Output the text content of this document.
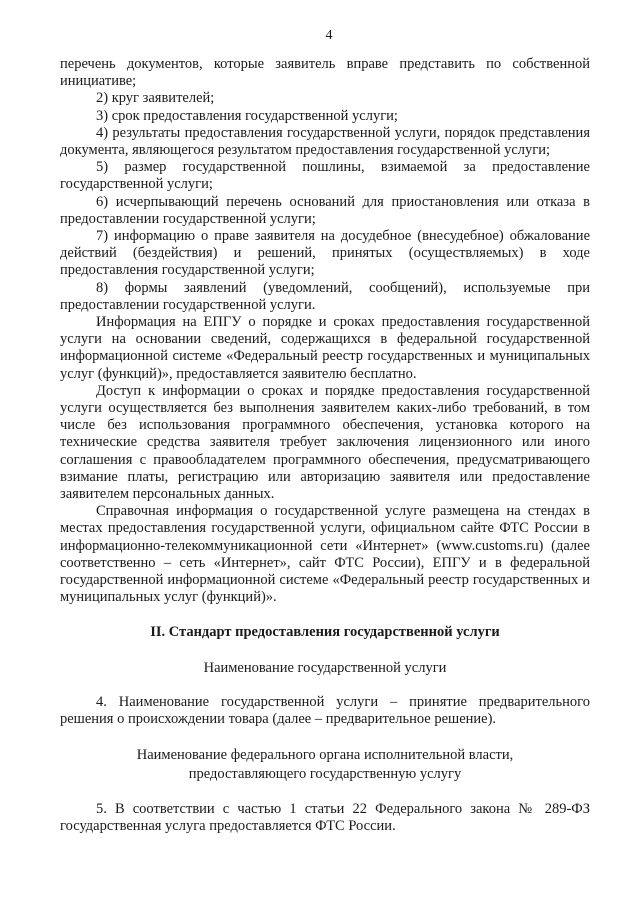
4

перечень документов, которые заявитель вправе представить по собственной инициативе;

2) круг заявителей;

3) срок предоставления государственной услуги;

4) результаты предоставления государственной услуги, порядок представления документа, являющегося результатом предоставления государственной услуги;

5) размер государственной пошлины, взимаемой за предоставление государственной услуги;

6) исчерпывающий перечень оснований для приостановления или отказа в предоставлении государственной услуги;

7) информацию о праве заявителя на досудебное (внесудебное) обжалование действий (бездействия) и решений, принятых (осуществляемых) в ходе предоставления государственной услуги;

8) формы заявлений (уведомлений, сообщений), используемые при предоставлении государственной услуги.

Информация на ЕПГУ о порядке и сроках предоставления государственной услуги на основании сведений, содержащихся в федеральной государственной информационной системе «Федеральный реестр государственных и муниципальных услуг (функций)», предоставляется заявителю бесплатно.

Доступ к информации о сроках и порядке предоставления государственной услуги осуществляется без выполнения заявителем каких-либо требований, в том числе без использования программного обеспечения, установка которого на технические средства заявителя требует заключения лицензионного или иного соглашения с правообладателем программного обеспечения, предусматривающего взимание платы, регистрацию или авторизацию заявителя или предоставление заявителем персональных данных.

Справочная информация о государственной услуге размещена на стендах в местах предоставления государственной услуги, официальном сайте ФТС России в информационно-телекоммуникационной сети «Интернет» (www.customs.ru) (далее соответственно – сеть «Интернет», сайт ФТС России), ЕПГУ и в федеральной государственной информационной системе «Федеральный реестр государственных и муниципальных услуг (функций)».

II. Стандарт предоставления государственной услуги
Наименование государственной услуги

4. Наименование государственной услуги – принятие предварительного решения о происхождении товара (далее – предварительное решение).

Наименование федерального органа исполнительной власти,
предоставляющего государственную услугу

5. В соответствии с частью 1 статьи 22 Федерального закона № 289-ФЗ государственная услуга предоставляется ФТС России.
